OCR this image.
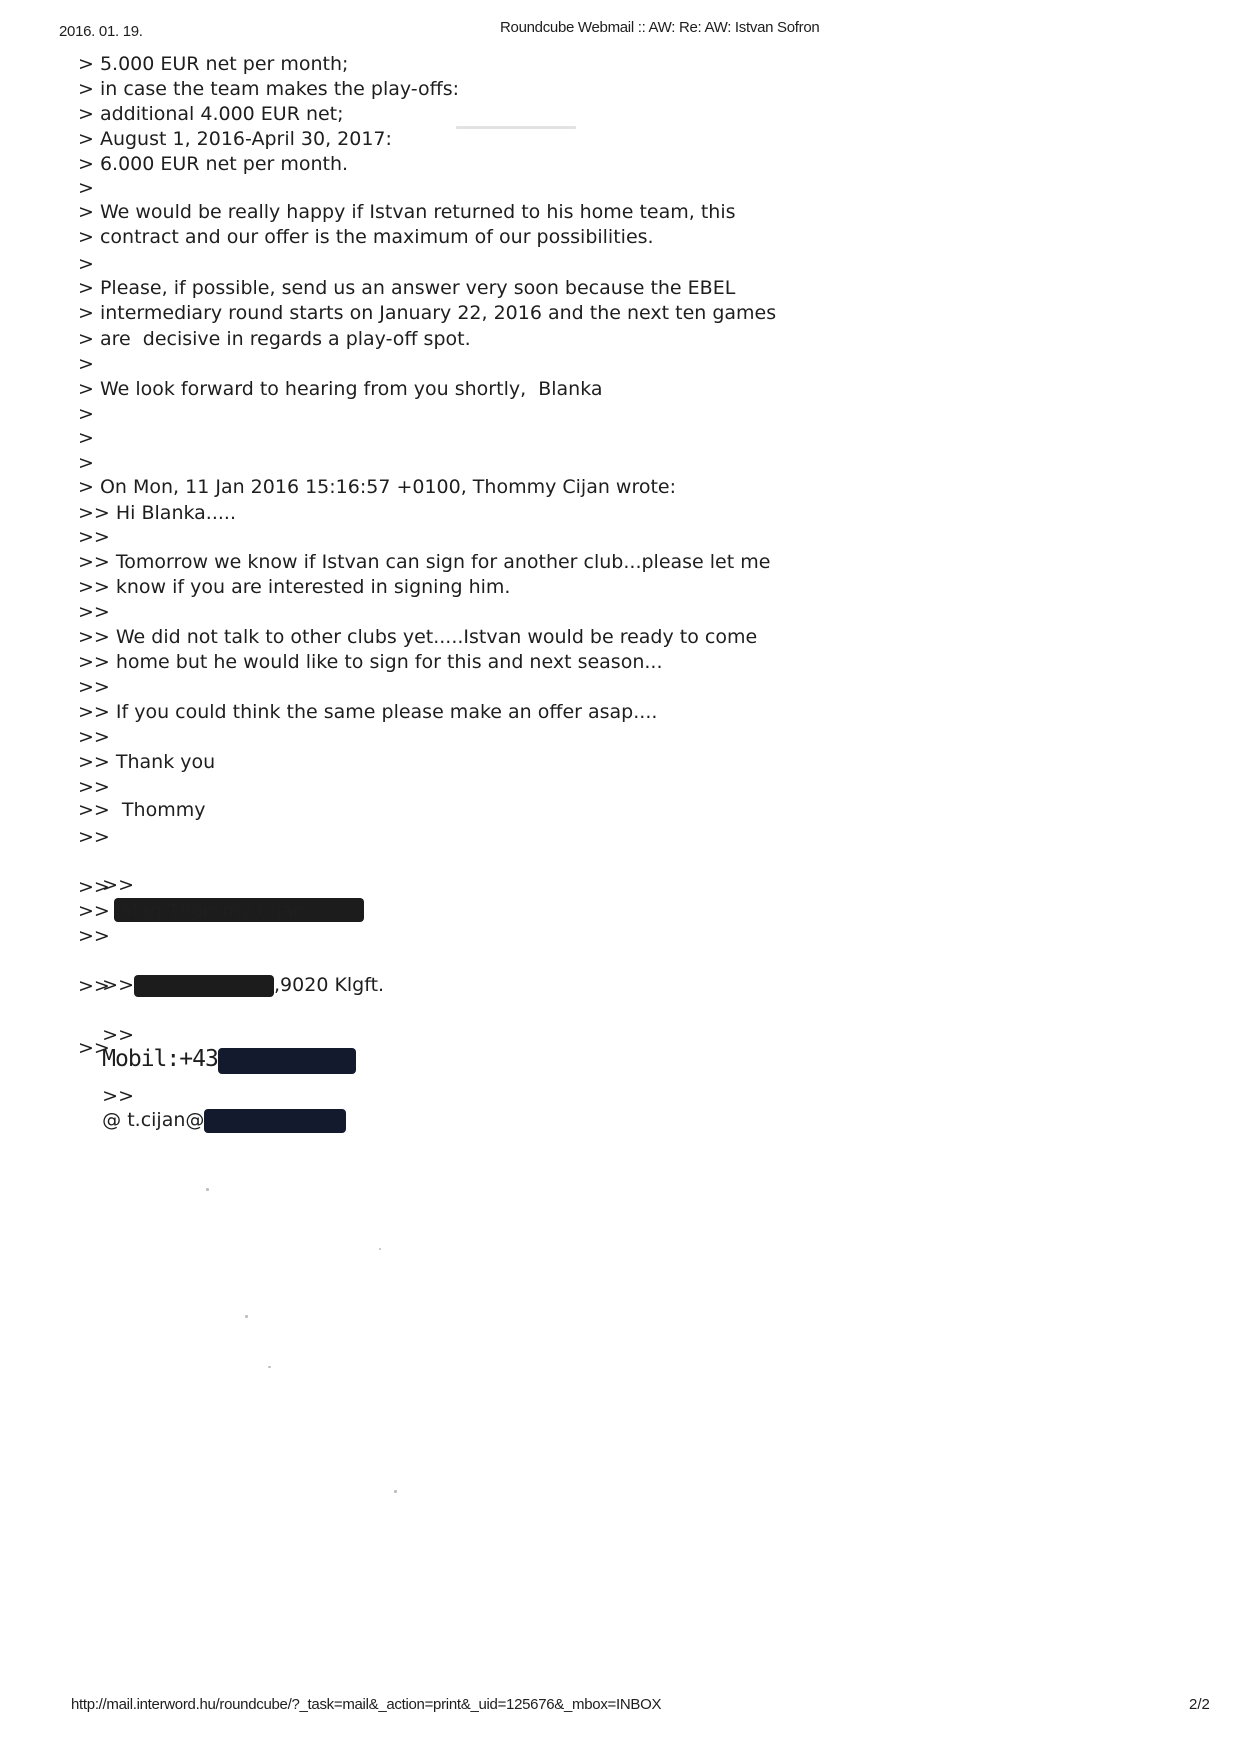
2016. 01. 19.	Roundcube Webmail :: AW: Re: AW: Istvan Sofron
> 5.000 EUR net per month;
> in case the team makes the play-offs:
> additional 4.000 EUR net;
> August 1, 2016-April 30, 2017:
> 6.000 EUR net per month.
>
> We would be really happy if Istvan returned to his home team, this
> contract and our offer is the maximum of our possibilities.
>
> Please, if possible, send us an answer very soon because the EBEL
> intermediary round starts on January 22, 2016 and the next ten games
> are  decisive in regards a play-off spot.
>
> We look forward to hearing from you shortly,  Blanka
>
>
>
> On Mon, 11 Jan 2016 15:16:57 +0100, Thommy Cijan wrote:
>> Hi Blanka.....
>>
>> Tomorrow we know if Istvan can sign for another club...please let me
>> know if you are interested in signing him.
>>
>> We did not talk to other clubs yet.....Istvan would be ready to come
>> home but he would like to sign for this and next season...
>>
>> If you could think the same please make an offer asap....
>>
>> Thank you
>>
>>  Thommy
>>

>>

>>
>>  Mag.Thommy Cijan
>>

>>	,9020 Klgft.

>>

>>
Mobil:+43

>>

>>
@ t.cijan@

http://mail.interword.hu/roundcube/?_task=mail&_action=print&_uid=125676&_mbox=INBOX	2/2
